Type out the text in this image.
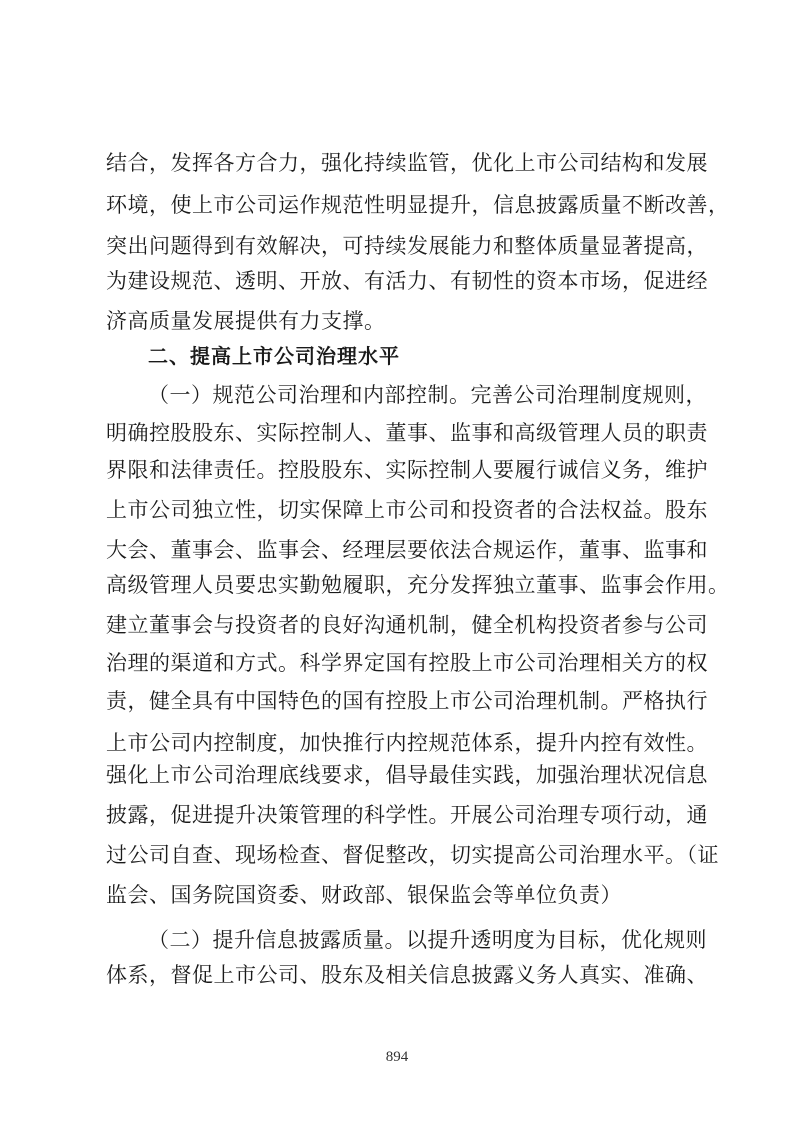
结合，发挥各方合力，强化持续监管，优化上市公司结构和发展
环境，使上市公司运作规范性明显提升，信息披露质量不断改善，
突出问题得到有效解决，可持续发展能力和整体质量显著提高，
为建设规范、透明、开放、有活力、有韧性的资本市场，促进经
济高质量发展提供有力支撑。
二、提高上市公司治理水平
（一）规范公司治理和内部控制。完善公司治理制度规则，
明确控股股东、实际控制人、董事、监事和高级管理人员的职责
界限和法律责任。控股股东、实际控制人要履行诚信义务，维护
上市公司独立性，切实保障上市公司和投资者的合法权益。股东
大会、董事会、监事会、经理层要依法合规运作，董事、监事和
高级管理人员要忠实勤勉履职，充分发挥独立董事、监事会作用。
建立董事会与投资者的良好沟通机制，健全机构投资者参与公司
治理的渠道和方式。科学界定国有控股上市公司治理相关方的权
责，健全具有中国特色的国有控股上市公司治理机制。严格执行
上市公司内控制度，加快推行内控规范体系，提升内控有效性。
强化上市公司治理底线要求，倡导最佳实践，加强治理状况信息
披露，促进提升决策管理的科学性。开展公司治理专项行动，通
过公司自查、现场检查、督促整改，切实提高公司治理水平。（证
监会、国务院国资委、财政部、银保监会等单位负责）
（二）提升信息披露质量。以提升透明度为目标，优化规则
体系，督促上市公司、股东及相关信息披露义务人真实、准确、
894
